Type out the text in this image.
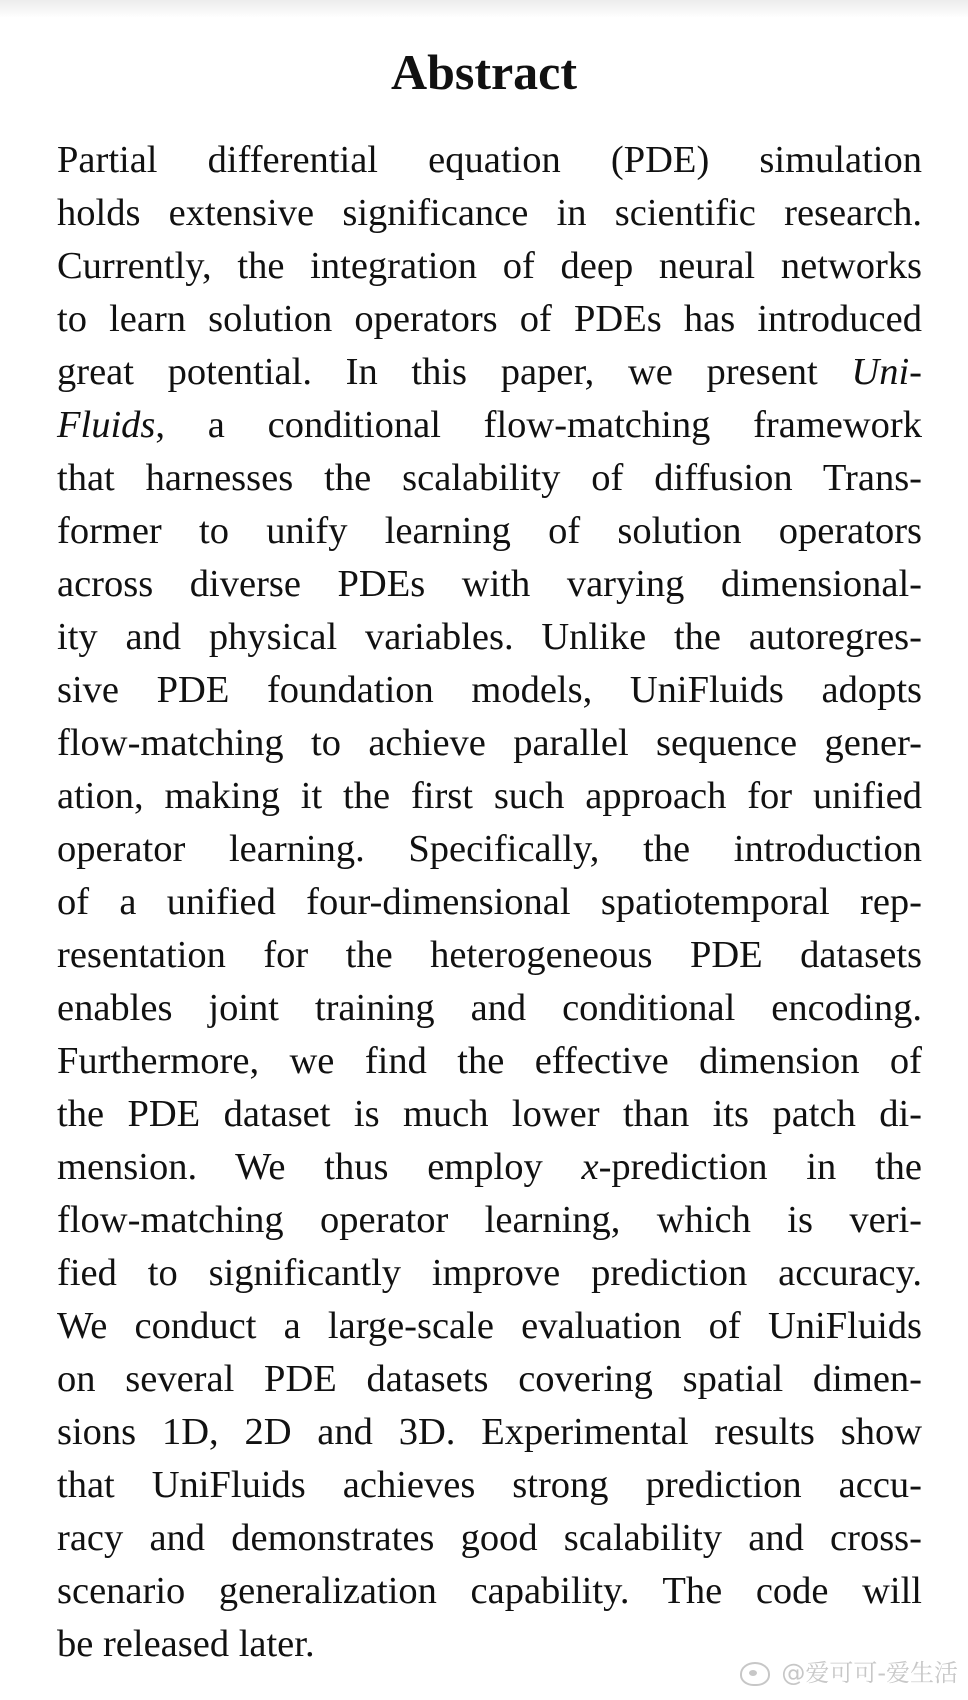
Abstract
Partial differential equation (PDE) simulation
holds extensive significance in scientific research.
Currently, the integration of deep neural networks
to learn solution operators of PDEs has introduced
great potential. In this paper, we present Uni-
Fluids, a conditional flow-matching framework
that harnesses the scalability of diffusion Trans-
former to unify learning of solution operators
across diverse PDEs with varying dimensional-
ity and physical variables. Unlike the autoregres-
sive PDE foundation models, UniFluids adopts
flow-matching to achieve parallel sequence gener-
ation, making it the first such approach for unified
operator learning. Specifically, the introduction
of a unified four-dimensional spatiotemporal rep-
resentation for the heterogeneous PDE datasets
enables joint training and conditional encoding.
Furthermore, we find the effective dimension of
the PDE dataset is much lower than its patch di-
mension. We thus employ x-prediction in the
flow-matching operator learning, which is veri-
fied to significantly improve prediction accuracy.
We conduct a large-scale evaluation of UniFluids
on several PDE datasets covering spatial dimen-
sions 1D, 2D and 3D. Experimental results show
that UniFluids achieves strong prediction accu-
racy and demonstrates good scalability and cross-
scenario generalization capability. The code will
be released later.
@爱可可-爱生活
